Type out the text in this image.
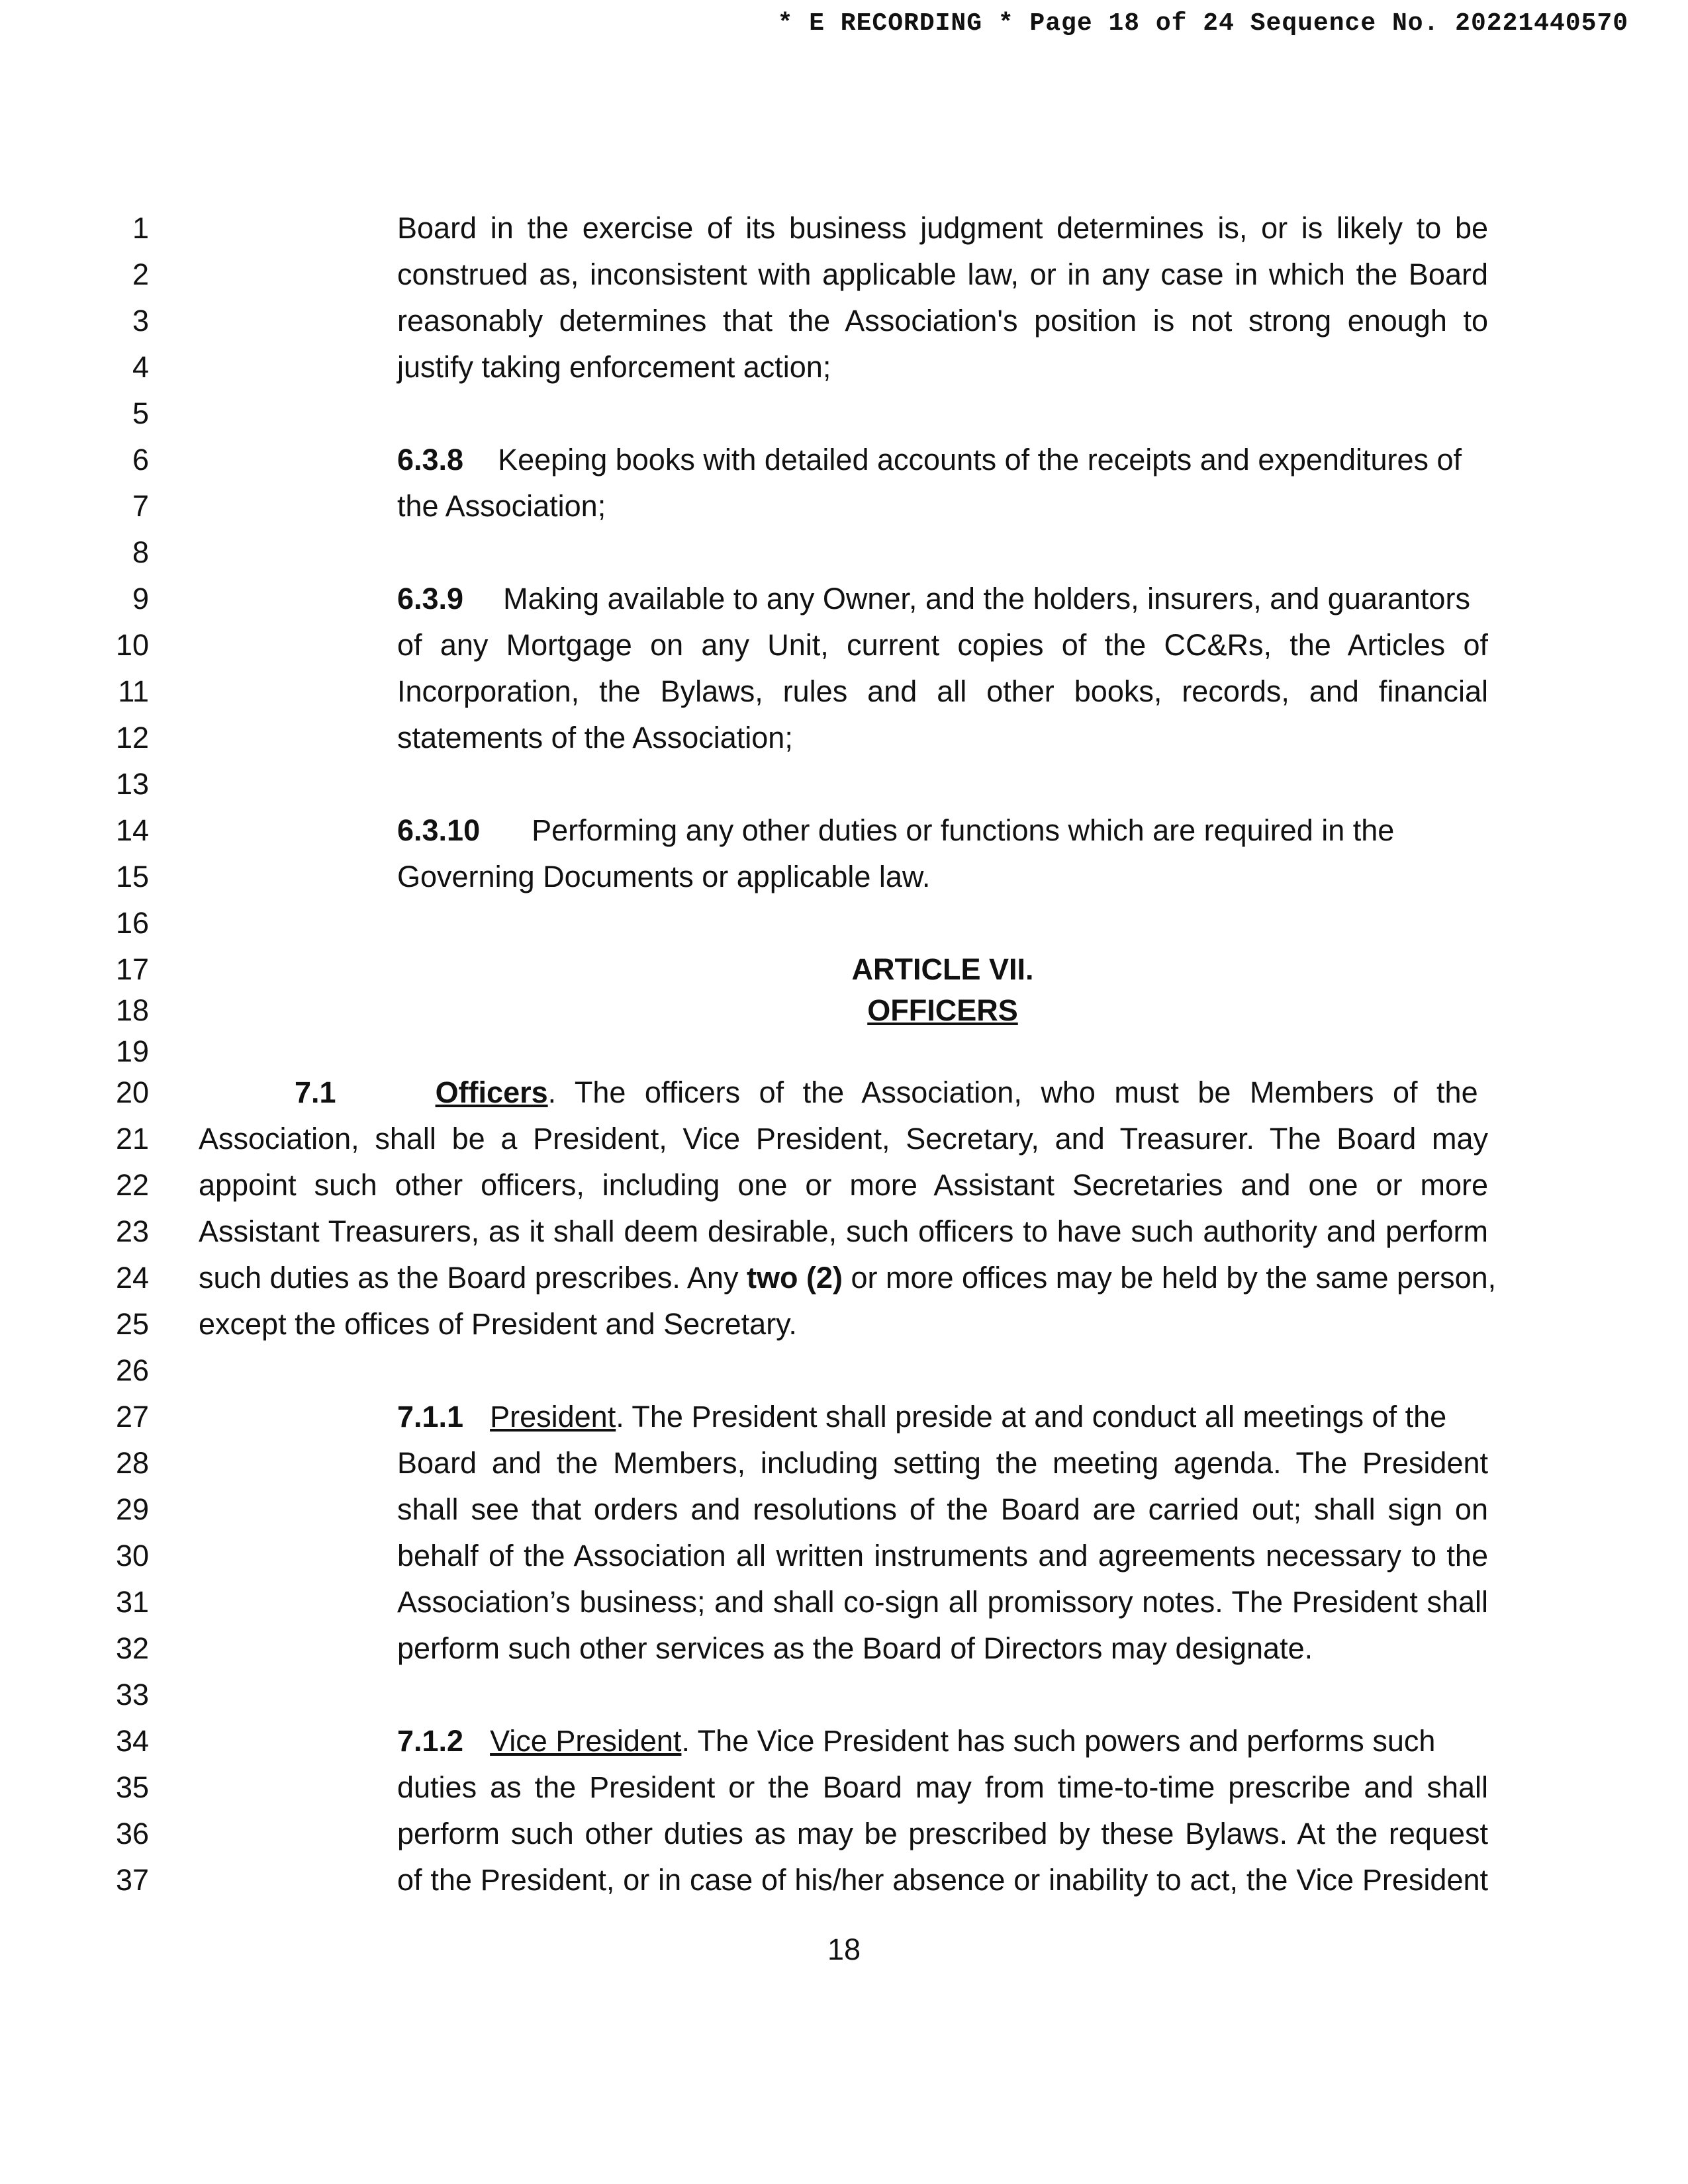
* E RECORDING * Page 18 of 24 Sequence No. 20221440570
1	Board in the exercise of its business judgment determines is, or is likely to be
2	construed as, inconsistent with applicable law, or in any case in which the Board
3	reasonably determines that the Association's position is not strong enough to
4	justify taking enforcement action;
5
6	6.3.8 Keeping books with detailed accounts of the receipts and expenditures of
7	the Association;
8
9	6.3.9 Making available to any Owner, and the holders, insurers, and guarantors
10	of any Mortgage on any Unit, current copies of the CC&Rs, the Articles of
11	Incorporation, the Bylaws, rules and all other books, records, and financial
12	statements of the Association;
13
14	6.3.10 Performing any other duties or functions which are required in the
15	Governing Documents or applicable law.
16
17	ARTICLE VII.
18	OFFICERS
19
20	7.1	Officers. The officers of the Association, who must be Members of the
21 Association, shall be a President, Vice President, Secretary, and Treasurer. The Board may
22 appoint such other officers, including one or more Assistant Secretaries and one or more
23 Assistant Treasurers, as it shall deem desirable, such officers to have such authority and perform
24 such duties as the Board prescribes. Any two (2) or more offices may be held by the same person,
25 except the offices of President and Secretary.
26
27	7.1.1 President. The President shall preside at and conduct all meetings of the
28	Board and the Members, including setting the meeting agenda. The President
29	shall see that orders and resolutions of the Board are carried out; shall sign on
30	behalf of the Association all written instruments and agreements necessary to the
31	Association’s business; and shall co-sign all promissory notes. The President shall
32	perform such other services as the Board of Directors may designate.
33
34	7.1.2 Vice President. The Vice President has such powers and performs such
35	duties as the President or the Board may from time-to-time prescribe and shall
36	perform such other duties as may be prescribed by these Bylaws. At the request
37	of the President, or in case of his/her absence or inability to act, the Vice President
18
